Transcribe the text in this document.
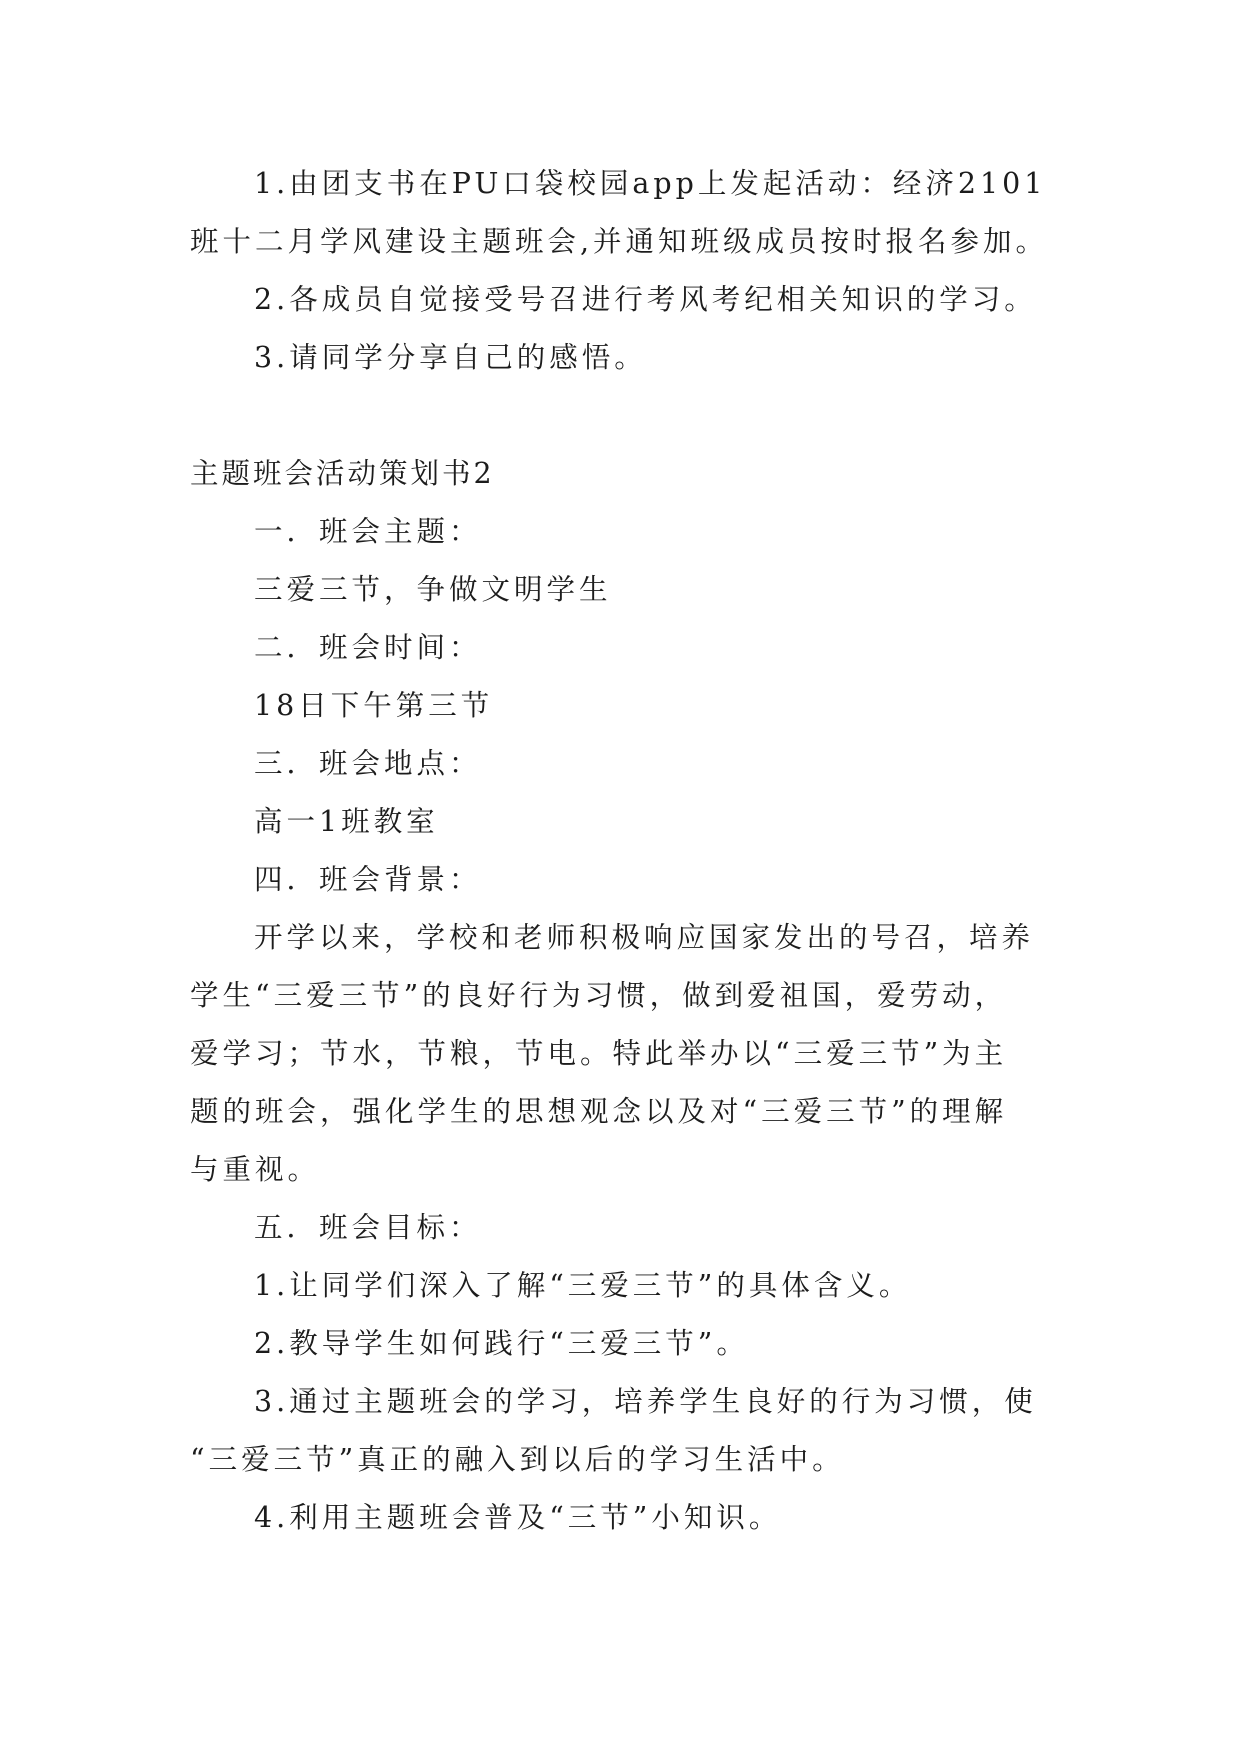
1.由团支书在PU口袋校园app上发起活动：经济2101
班十二月学风建设主题班会,并通知班级成员按时报名参加。
2.各成员自觉接受号召进行考风考纪相关知识的学习。
3.请同学分享自己的感悟。
主题班会活动策划书2
一．班会主题：
三爱三节，争做文明学生
二．班会时间：
18日下午第三节
三．班会地点：
高一1班教室
四．班会背景：
开学以来，学校和老师积极响应国家发出的号召，培养
学生“三爱三节”的良好行为习惯，做到爱祖国，爱劳动，
爱学习；节水，节粮，节电。特此举办以“三爱三节”为主
题的班会，强化学生的思想观念以及对“三爱三节”的理解
与重视。
五．班会目标：
1.让同学们深入了解“三爱三节”的具体含义。
2.教导学生如何践行“三爱三节”。
3.通过主题班会的学习，培养学生良好的行为习惯，使
“三爱三节”真正的融入到以后的学习生活中。
4.利用主题班会普及“三节”小知识。
